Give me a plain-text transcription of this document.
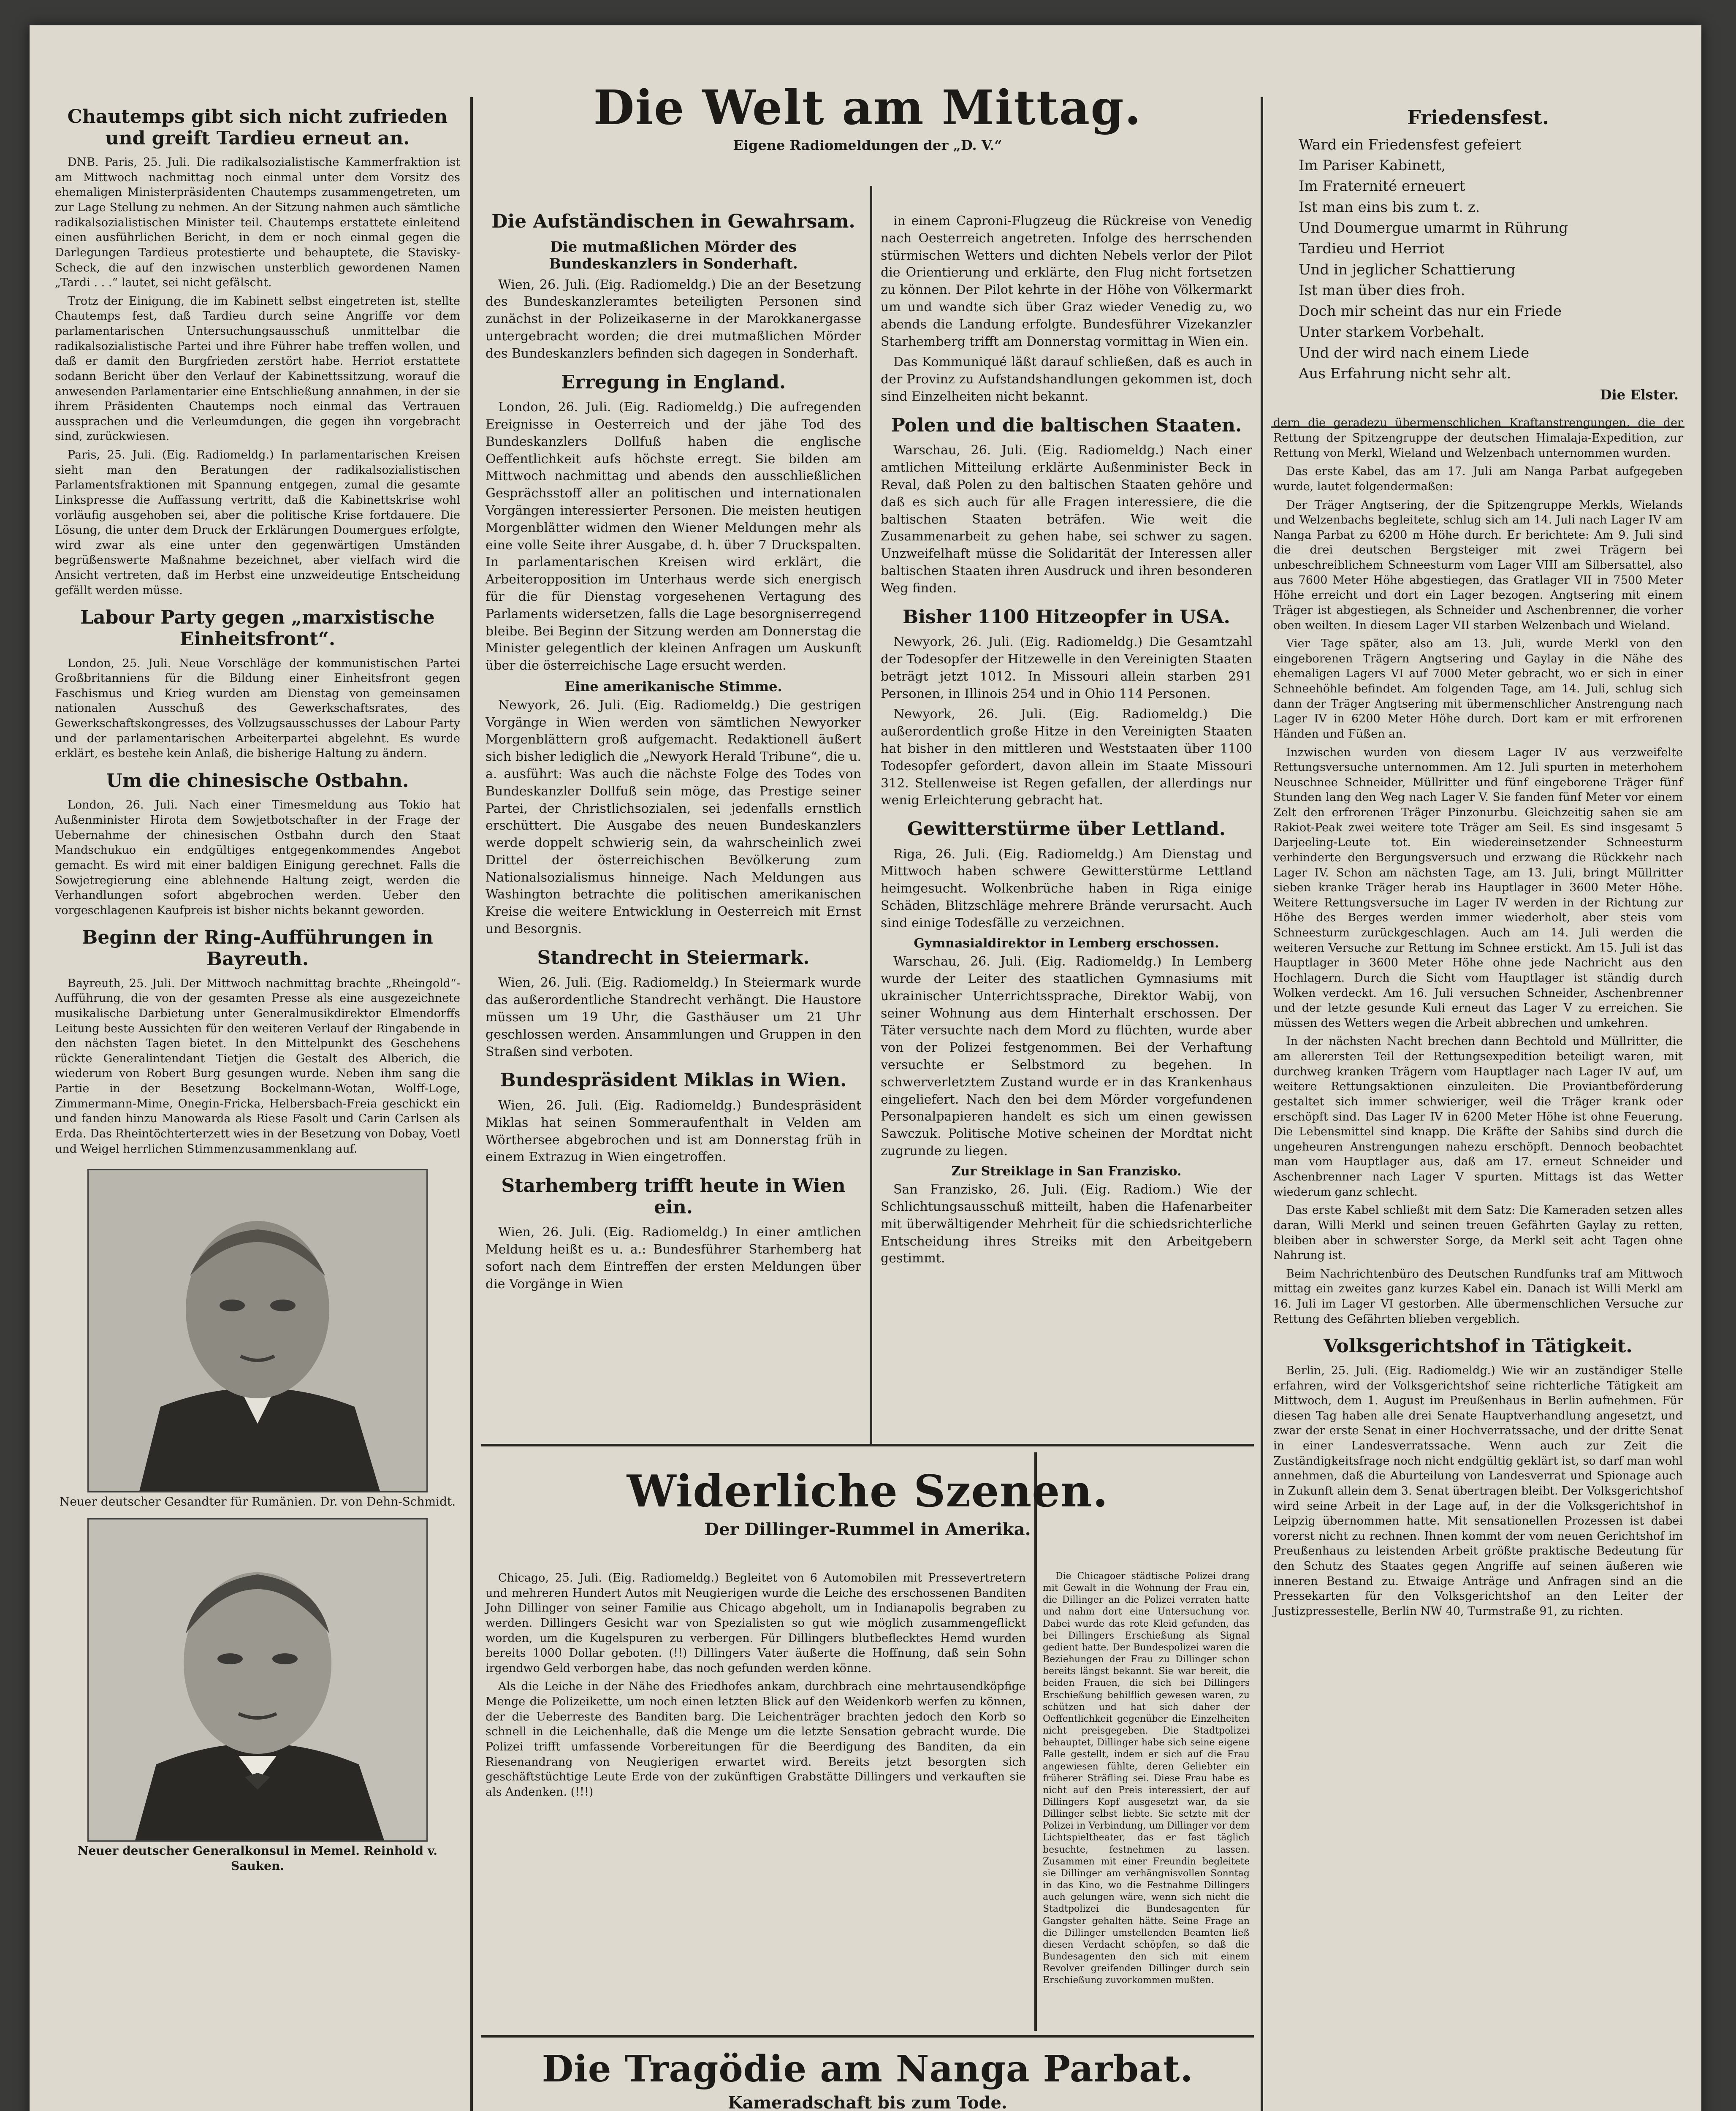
Chautemps gibt sich nicht zufrieden und greift Tardieu erneut an.

DNB. Paris, 25. Juli. Die radikalsozialistische Kammerfraktion ist am Mittwoch nachmittag noch einmal unter dem Vorsitz des ehemaligen Ministerpräsidenten Chautemps zusammengetreten, um zur Lage Stellung zu nehmen. An der Sitzung nahmen auch sämtliche radikalsozialistischen Minister teil. Chautemps erstattete einleitend einen ausführlichen Bericht, in dem er noch einmal gegen die Darlegungen Tardieus protestierte und behauptete, die Stavisky-Scheck, die auf den inzwischen unsterblich gewordenen Namen „Tardi . . .“ lautet, sei nicht gefälscht.

Trotz der Einigung, die im Kabinett selbst eingetreten ist, stellte Chautemps fest, daß Tardieu durch seine Angriffe vor dem parlamentarischen Untersuchungsausschuß unmittelbar die radikalsozialistische Partei und ihre Führer habe treffen wollen, und daß er damit den Burgfrieden zerstört habe. Herriot erstattete sodann Bericht über den Verlauf der Kabinettssitzung, worauf die anwesenden Parlamentarier eine Entschließung annahmen, in der sie ihrem Präsidenten Chautemps noch einmal das Vertrauen aussprachen und die Verleumdungen, die gegen ihn vorgebracht sind, zurückwiesen.

Paris, 25. Juli. (Eig. Radiomeldg.) In parlamentarischen Kreisen sieht man den Beratungen der radikalsozialistischen Parlamentsfraktionen mit Spannung entgegen, zumal die gesamte Linkspresse die Auffassung vertritt, daß die Kabinettskrise wohl vorläufig ausgehoben sei, aber die politische Krise fortdauere. Die Lösung, die unter dem Druck der Erklärungen Doumergues erfolgte, wird zwar als eine unter den gegenwärtigen Umständen begrüßenswerte Maßnahme bezeichnet, aber vielfach wird die Ansicht vertreten, daß im Herbst eine unzweideutige Entscheidung gefällt werden müsse.

Labour Party gegen „marxistische Einheitsfront“.

London, 25. Juli. Neue Vorschläge der kommunistischen Partei Großbritanniens für die Bildung einer Einheitsfront gegen Faschismus und Krieg wurden am Dienstag von gemeinsamen nationalen Ausschuß des Gewerkschaftsrates, des Gewerkschaftskongresses, des Vollzugsausschusses der Labour Party und der parlamentarischen Arbeiterpartei abgelehnt. Es wurde erklärt, es bestehe kein Anlaß, die bisherige Haltung zu ändern.

Um die chinesische Ostbahn.

London, 26. Juli. Nach einer Timesmeldung aus Tokio hat Außenminister Hirota dem Sowjetbotschafter in der Frage der Uebernahme der chinesischen Ostbahn durch den Staat Mandschukuo ein endgültiges entgegenkommendes Angebot gemacht. Es wird mit einer baldigen Einigung gerechnet. Falls die Sowjetregierung eine ablehnende Haltung zeigt, werden die Verhandlungen sofort abgebrochen werden. Ueber den vorgeschlagenen Kaufpreis ist bisher nichts bekannt geworden.

Beginn der Ring-Aufführungen in Bayreuth.

Bayreuth, 25. Juli. Der Mittwoch nachmittag brachte „Rheingold“-Aufführung, die von der gesamten Presse als eine ausgezeichnete musikalische Darbietung unter Generalmusikdirektor Elmendorffs Leitung beste Aussichten für den weiteren Verlauf der Ringabende in den nächsten Tagen bietet. In den Mittelpunkt des Geschehens rückte Generalintendant Tietjen die Gestalt des Alberich, die wiederum von Robert Burg gesungen wurde. Neben ihm sang die Partie in der Besetzung Bockelmann-Wotan, Wolff-Loge, Zimmermann-Mime, Onegin-Fricka, Helbersbach-Freia geschickt ein und fanden hinzu Manowarda als Riese Fasolt und Carin Carlsen als Erda. Das Rheintöchterterzett wies in der Besetzung von Dobay, Voetl und Weigel herrlichen Stimmenzusammenklang auf.

Neuer deutscher Gesandter für Rumänien. Dr. von Dehn-Schmidt.
Neuer deutscher Generalkonsul in Memel. Reinhold v. Sauken.
Die Welt am Mittag.
Eigene Radiomeldungen der „D. V.“
Die Aufständischen in Gewahrsam.
Die mutmaßlichen Mörder des Bundeskanzlers in Sonderhaft.

Wien, 26. Juli. (Eig. Radiomeldg.) Die an der Besetzung des Bundeskanzleramtes beteiligten Personen sind zunächst in der Polizeikaserne in der Marokkanergasse untergebracht worden; die drei mutmaßlichen Mörder des Bundeskanzlers befinden sich dagegen in Sonderhaft.

Erregung in England.

London, 26. Juli. (Eig. Radiomeldg.) Die aufregenden Ereignisse in Oesterreich und der jähe Tod des Bundeskanzlers Dollfuß haben die englische Oeffentlichkeit aufs höchste erregt. Sie bilden am Mittwoch nachmittag und abends den ausschließlichen Gesprächsstoff aller an politischen und internationalen Vorgängen interessierter Personen. Die meisten heutigen Morgenblätter widmen den Wiener Meldungen mehr als eine volle Seite ihrer Ausgabe, d. h. über 7 Druckspalten. In parlamentarischen Kreisen wird erklärt, die Arbeiteropposition im Unterhaus werde sich energisch für die für Dienstag vorgesehenen Vertagung des Parlaments widersetzen, falls die Lage besorgniserregend bleibe. Bei Beginn der Sitzung werden am Donnerstag die Minister gelegentlich der kleinen Anfragen um Auskunft über die österreichische Lage ersucht werden.

Eine amerikanische Stimme.

Newyork, 26. Juli. (Eig. Radiomeldg.) Die gestrigen Vorgänge in Wien werden von sämtlichen Newyorker Morgenblättern groß aufgemacht. Redaktionell äußert sich bisher lediglich die „Newyork Herald Tribune“, die u. a. ausführt: Was auch die nächste Folge des Todes von Bundeskanzler Dollfuß sein möge, das Prestige seiner Partei, der Christlichsozialen, sei jedenfalls ernstlich erschüttert. Die Ausgabe des neuen Bundeskanzlers werde doppelt schwierig sein, da wahrscheinlich zwei Drittel der österreichischen Bevölkerung zum Nationalsozialismus hinneige. Nach Meldungen aus Washington betrachte die politischen amerikanischen Kreise die weitere Entwicklung in Oesterreich mit Ernst und Besorgnis.

Standrecht in Steiermark.

Wien, 26. Juli. (Eig. Radiomeldg.) In Steiermark wurde das außerordentliche Standrecht verhängt. Die Haustore müssen um 19 Uhr, die Gasthäuser um 21 Uhr geschlossen werden. Ansammlungen und Gruppen in den Straßen sind verboten.

Bundespräsident Miklas in Wien.

Wien, 26. Juli. (Eig. Radiomeldg.) Bundespräsident Miklas hat seinen Sommeraufenthalt in Velden am Wörthersee abgebrochen und ist am Donnerstag früh in einem Extrazug in Wien eingetroffen.

Starhemberg trifft heute in Wien ein.

Wien, 26. Juli. (Eig. Radiomeldg.) In einer amtlichen Meldung heißt es u. a.: Bundesführer Starhemberg hat sofort nach dem Eintreffen der ersten Meldungen über die Vorgänge in Wien

in einem Caproni-Flugzeug die Rückreise von Venedig nach Oesterreich angetreten. Infolge des herrschenden stürmischen Wetters und dichten Nebels verlor der Pilot die Orientierung und erklärte, den Flug nicht fortsetzen zu können. Der Pilot kehrte in der Höhe von Völkermarkt um und wandte sich über Graz wieder Venedig zu, wo abends die Landung erfolgte. Bundesführer Vizekanzler Starhemberg trifft am Donnerstag vormittag in Wien ein.

Das Kommuniqué läßt darauf schließen, daß es auch in der Provinz zu Aufstandshandlungen gekommen ist, doch sind Einzelheiten nicht bekannt.

Polen und die baltischen Staaten.

Warschau, 26. Juli. (Eig. Radiomeldg.) Nach einer amtlichen Mitteilung erklärte Außenminister Beck in Reval, daß Polen zu den baltischen Staaten gehöre und daß es sich auch für alle Fragen interessiere, die die baltischen Staaten beträfen. Wie weit die Zusammenarbeit zu gehen habe, sei schwer zu sagen. Unzweifelhaft müsse die Solidarität der Interessen aller baltischen Staaten ihren Ausdruck und ihren besonderen Weg finden.

Bisher 1100 Hitzeopfer in USA.

Newyork, 26. Juli. (Eig. Radiomeldg.) Die Gesamtzahl der Todesopfer der Hitzewelle in den Vereinigten Staaten beträgt jetzt 1012. In Missouri allein starben 291 Personen, in Illinois 254 und in Ohio 114 Personen.

Newyork, 26. Juli. (Eig. Radiomeldg.) Die außerordentlich große Hitze in den Vereinigten Staaten hat bisher in den mittleren und Weststaaten über 1100 Todesopfer gefordert, davon allein im Staate Missouri 312. Stellenweise ist Regen gefallen, der allerdings nur wenig Erleichterung gebracht hat.

Gewitterstürme über Lettland.

Riga, 26. Juli. (Eig. Radiomeldg.) Am Dienstag und Mittwoch haben schwere Gewitterstürme Lettland heimgesucht. Wolkenbrüche haben in Riga einige Schäden, Blitzschläge mehrere Brände verursacht. Auch sind einige Todesfälle zu verzeichnen.

Gymnasialdirektor in Lemberg erschossen.

Warschau, 26. Juli. (Eig. Radiomeldg.) In Lemberg wurde der Leiter des staatlichen Gymnasiums mit ukrainischer Unterrichtssprache, Direktor Wabij, von seiner Wohnung aus dem Hinterhalt erschossen. Der Täter versuchte nach dem Mord zu flüchten, wurde aber von der Polizei festgenommen. Bei der Verhaftung versuchte er Selbstmord zu begehen. In schwerverletztem Zustand wurde er in das Krankenhaus eingeliefert. Nach den bei dem Mörder vorgefundenen Personalpapieren handelt es sich um einen gewissen Sawczuk. Politische Motive scheinen der Mordtat nicht zugrunde zu liegen.

Zur Streiklage in San Franzisko.

San Franzisko, 26. Juli. (Eig. Radiom.) Wie der Schlichtungsausschuß mitteilt, haben die Hafenarbeiter mit überwältigender Mehrheit für die schiedsrichterliche Entscheidung ihres Streiks mit den Arbeitgebern gestimmt.

Widerliche Szenen.
Der Dillinger-Rummel in Amerika.

Chicago, 25. Juli. (Eig. Radiomeldg.) Begleitet von 6 Automobilen mit Pressevertretern und mehreren Hundert Autos mit Neugierigen wurde die Leiche des erschossenen Banditen John Dillinger von seiner Familie aus Chicago abgeholt, um in Indianapolis begraben zu werden. Dillingers Gesicht war von Spezialisten so gut wie möglich zusammengeflickt worden, um die Kugelspuren zu verbergen. Für Dillingers blutbeflecktes Hemd wurden bereits 1000 Dollar geboten. (!!) Dillingers Vater äußerte die Hoffnung, daß sein Sohn irgendwo Geld verborgen habe, das noch gefunden werden könne.

Als die Leiche in der Nähe des Friedhofes ankam, durchbrach eine mehrtausendköpfige Menge die Polizeikette, um noch einen letzten Blick auf den Weidenkorb werfen zu können, der die Ueberreste des Banditen barg. Die Leichenträger brachten jedoch den Korb so schnell in die Leichenhalle, daß die Menge um die letzte Sensation gebracht wurde. Die Polizei trifft umfassende Vorbereitungen für die Beerdigung des Banditen, da ein Riesenandrang von Neugierigen erwartet wird. Bereits jetzt besorgten sich geschäftstüchtige Leute Erde von der zukünftigen Grabstätte Dillingers und verkauften sie als Andenken. (!!!)

Die Chicagoer städtische Polizei drang mit Gewalt in die Wohnung der Frau ein, die Dillinger an die Polizei verraten hatte und nahm dort eine Untersuchung vor. Dabei wurde das rote Kleid gefunden, das bei Dillingers Erschießung als Signal gedient hatte. Der Bundespolizei waren die Beziehungen der Frau zu Dillinger schon bereits längst bekannt. Sie war bereit, die beiden Frauen, die sich bei Dillingers Erschießung behilflich gewesen waren, zu schützen und hat sich daher der Oeffentlichkeit gegenüber die Einzelheiten nicht preisgegeben. Die Stadtpolizei behauptet, Dillinger habe sich seine eigene Falle gestellt, indem er sich auf die Frau angewiesen fühlte, deren Geliebter ein früherer Sträfling sei. Diese Frau habe es nicht auf den Preis interessiert, der auf Dillingers Kopf ausgesetzt war, da sie Dillinger selbst liebte. Sie setzte mit der Polizei in Verbindung, um Dillinger vor dem Lichtspieltheater, das er fast täglich besuchte, festnehmen zu lassen. Zusammen mit einer Freundin begleitete sie Dillinger am verhängnisvollen Sonntag in das Kino, wo die Festnahme Dillingers auch gelungen wäre, wenn sich nicht die Stadtpolizei die Bundesagenten für Gangster gehalten hätte. Seine Frage an die Dillinger umstellenden Beamten ließ diesen Verdacht schöpfen, so daß die Bundesagenten den sich mit einem Revolver greifenden Dillinger durch sein Erschießung zuvorkommen mußten.

Die Tragödie am Nanga Parbat.
Kameradschaft bis zum Tode.

Friedensfest.
Ward ein Friedensfest gefeiert
Im Pariser Kabinett,
Im Fraternité erneuert
Ist man eins bis zum t. z.
Und Doumergue umarmt in Rührung
Tardieu und Herriot
Und in jeglicher Schattierung
Ist man über dies froh.
Doch mir scheint das nur ein Friede
Unter starkem Vorbehalt.
Und der wird nach einem Liede
Aus Erfahrung nicht sehr alt.
Die Elster.

dern die geradezu übermenschlichen Kraftanstrengungen, die der Rettung der Spitzengruppe der deutschen Himalaja-Expedition, zur Rettung von Merkl, Wieland und Welzenbach unternommen wurden.

Das erste Kabel, das am 17. Juli am Nanga Parbat aufgegeben wurde, lautet folgendermaßen:

Der Träger Angtsering, der die Spitzengruppe Merkls, Wielands und Welzenbachs begleitete, schlug sich am 14. Juli nach Lager IV am Nanga Parbat zu 6200 m Höhe durch. Er berichtete: Am 9. Juli sind die drei deutschen Bergsteiger mit zwei Trägern bei unbeschreiblichem Schneesturm vom Lager VIII am Silbersattel, also aus 7600 Meter Höhe abgestiegen, das Gratlager VII in 7500 Meter Höhe erreicht und dort ein Lager bezogen. Angtsering mit einem Träger ist abgestiegen, als Schneider und Aschenbrenner, die vorher oben weilten. In diesem Lager VII starben Welzenbach und Wieland.

Vier Tage später, also am 13. Juli, wurde Merkl von den eingeborenen Trägern Angtsering und Gaylay in die Nähe des ehemaligen Lagers VI auf 7000 Meter gebracht, wo er sich in einer Schneehöhle befindet. Am folgenden Tage, am 14. Juli, schlug sich dann der Träger Angtsering mit übermenschlicher Anstrengung nach Lager IV in 6200 Meter Höhe durch. Dort kam er mit erfrorenen Händen und Füßen an.

Inzwischen wurden von diesem Lager IV aus verzweifelte Rettungsversuche unternommen. Am 12. Juli spurten in meterhohem Neuschnee Schneider, Müllritter und fünf eingeborene Träger fünf Stunden lang den Weg nach Lager V. Sie fanden fünf Meter vor einem Zelt den erfrorenen Träger Pinzonurbu. Gleichzeitig sahen sie am Rakiot-Peak zwei weitere tote Träger am Seil. Es sind insgesamt 5 Darjeeling-Leute tot. Ein wiedereinsetzender Schneesturm verhinderte den Bergungsversuch und erzwang die Rückkehr nach Lager IV. Schon am nächsten Tage, am 13. Juli, bringt Müllritter sieben kranke Träger herab ins Hauptlager in 3600 Meter Höhe. Weitere Rettungsversuche im Lager IV werden in der Richtung zur Höhe des Berges werden immer wiederholt, aber steis vom Schneesturm zurückgeschlagen. Auch am 14. Juli werden die weiteren Versuche zur Rettung im Schnee erstickt. Am 15. Juli ist das Hauptlager in 3600 Meter Höhe ohne jede Nachricht aus den Hochlagern. Durch die Sicht vom Hauptlager ist ständig durch Wolken verdeckt. Am 16. Juli versuchen Schneider, Aschenbrenner und der letzte gesunde Kuli erneut das Lager V zu erreichen. Sie müssen des Wetters wegen die Arbeit abbrechen und umkehren.

In der nächsten Nacht brechen dann Bechtold und Müllritter, die am allerersten Teil der Rettungsexpedition beteiligt waren, mit durchweg kranken Trägern vom Hauptlager nach Lager IV auf, um weitere Rettungsaktionen einzuleiten. Die Proviantbeförderung gestaltet sich immer schwieriger, weil die Träger krank oder erschöpft sind. Das Lager IV in 6200 Meter Höhe ist ohne Feuerung. Die Lebensmittel sind knapp. Die Kräfte der Sahibs sind durch die ungeheuren Anstrengungen nahezu erschöpft. Dennoch beobachtet man vom Hauptlager aus, daß am 17. erneut Schneider und Aschenbrenner nach Lager V spurten. Mittags ist das Wetter wiederum ganz schlecht.

Das erste Kabel schließt mit dem Satz: Die Kameraden setzen alles daran, Willi Merkl und seinen treuen Gefährten Gaylay zu retten, bleiben aber in schwerster Sorge, da Merkl seit acht Tagen ohne Nahrung ist.

Beim Nachrichtenbüro des Deutschen Rundfunks traf am Mittwoch mittag ein zweites ganz kurzes Kabel ein. Danach ist Willi Merkl am 16. Juli im Lager VI gestorben. Alle übermenschlichen Versuche zur Rettung des Gefährten blieben vergeblich.

Volksgerichtshof in Tätigkeit.

Berlin, 25. Juli. (Eig. Radiomeldg.) Wie wir an zuständiger Stelle erfahren, wird der Volksgerichtshof seine richterliche Tätigkeit am Mittwoch, dem 1. August im Preußenhaus in Berlin aufnehmen. Für diesen Tag haben alle drei Senate Hauptverhandlung angesetzt, und zwar der erste Senat in einer Hochverratssache, und der dritte Senat in einer Landesverratssache. Wenn auch zur Zeit die Zuständigkeitsfrage noch nicht endgültig geklärt ist, so darf man wohl annehmen, daß die Aburteilung von Landesverrat und Spionage auch in Zukunft allein dem 3. Senat übertragen bleibt. Der Volksgerichtshof wird seine Arbeit in der Lage auf, in der die Volksgerichtshof in Leipzig übernommen hatte. Mit sensationellen Prozessen ist dabei vorerst nicht zu rechnen. Ihnen kommt der vom neuen Gerichtshof im Preußenhaus zu leistenden Arbeit größte praktische Bedeutung für den Schutz des Staates gegen Angriffe auf seinen äußeren wie inneren Bestand zu. Etwaige Anträge und Anfragen sind an die Pressekarten für den Volksgerichtshof an den Leiter der Justizpressestelle, Berlin NW 40, Turmstraße 91, zu richten.
